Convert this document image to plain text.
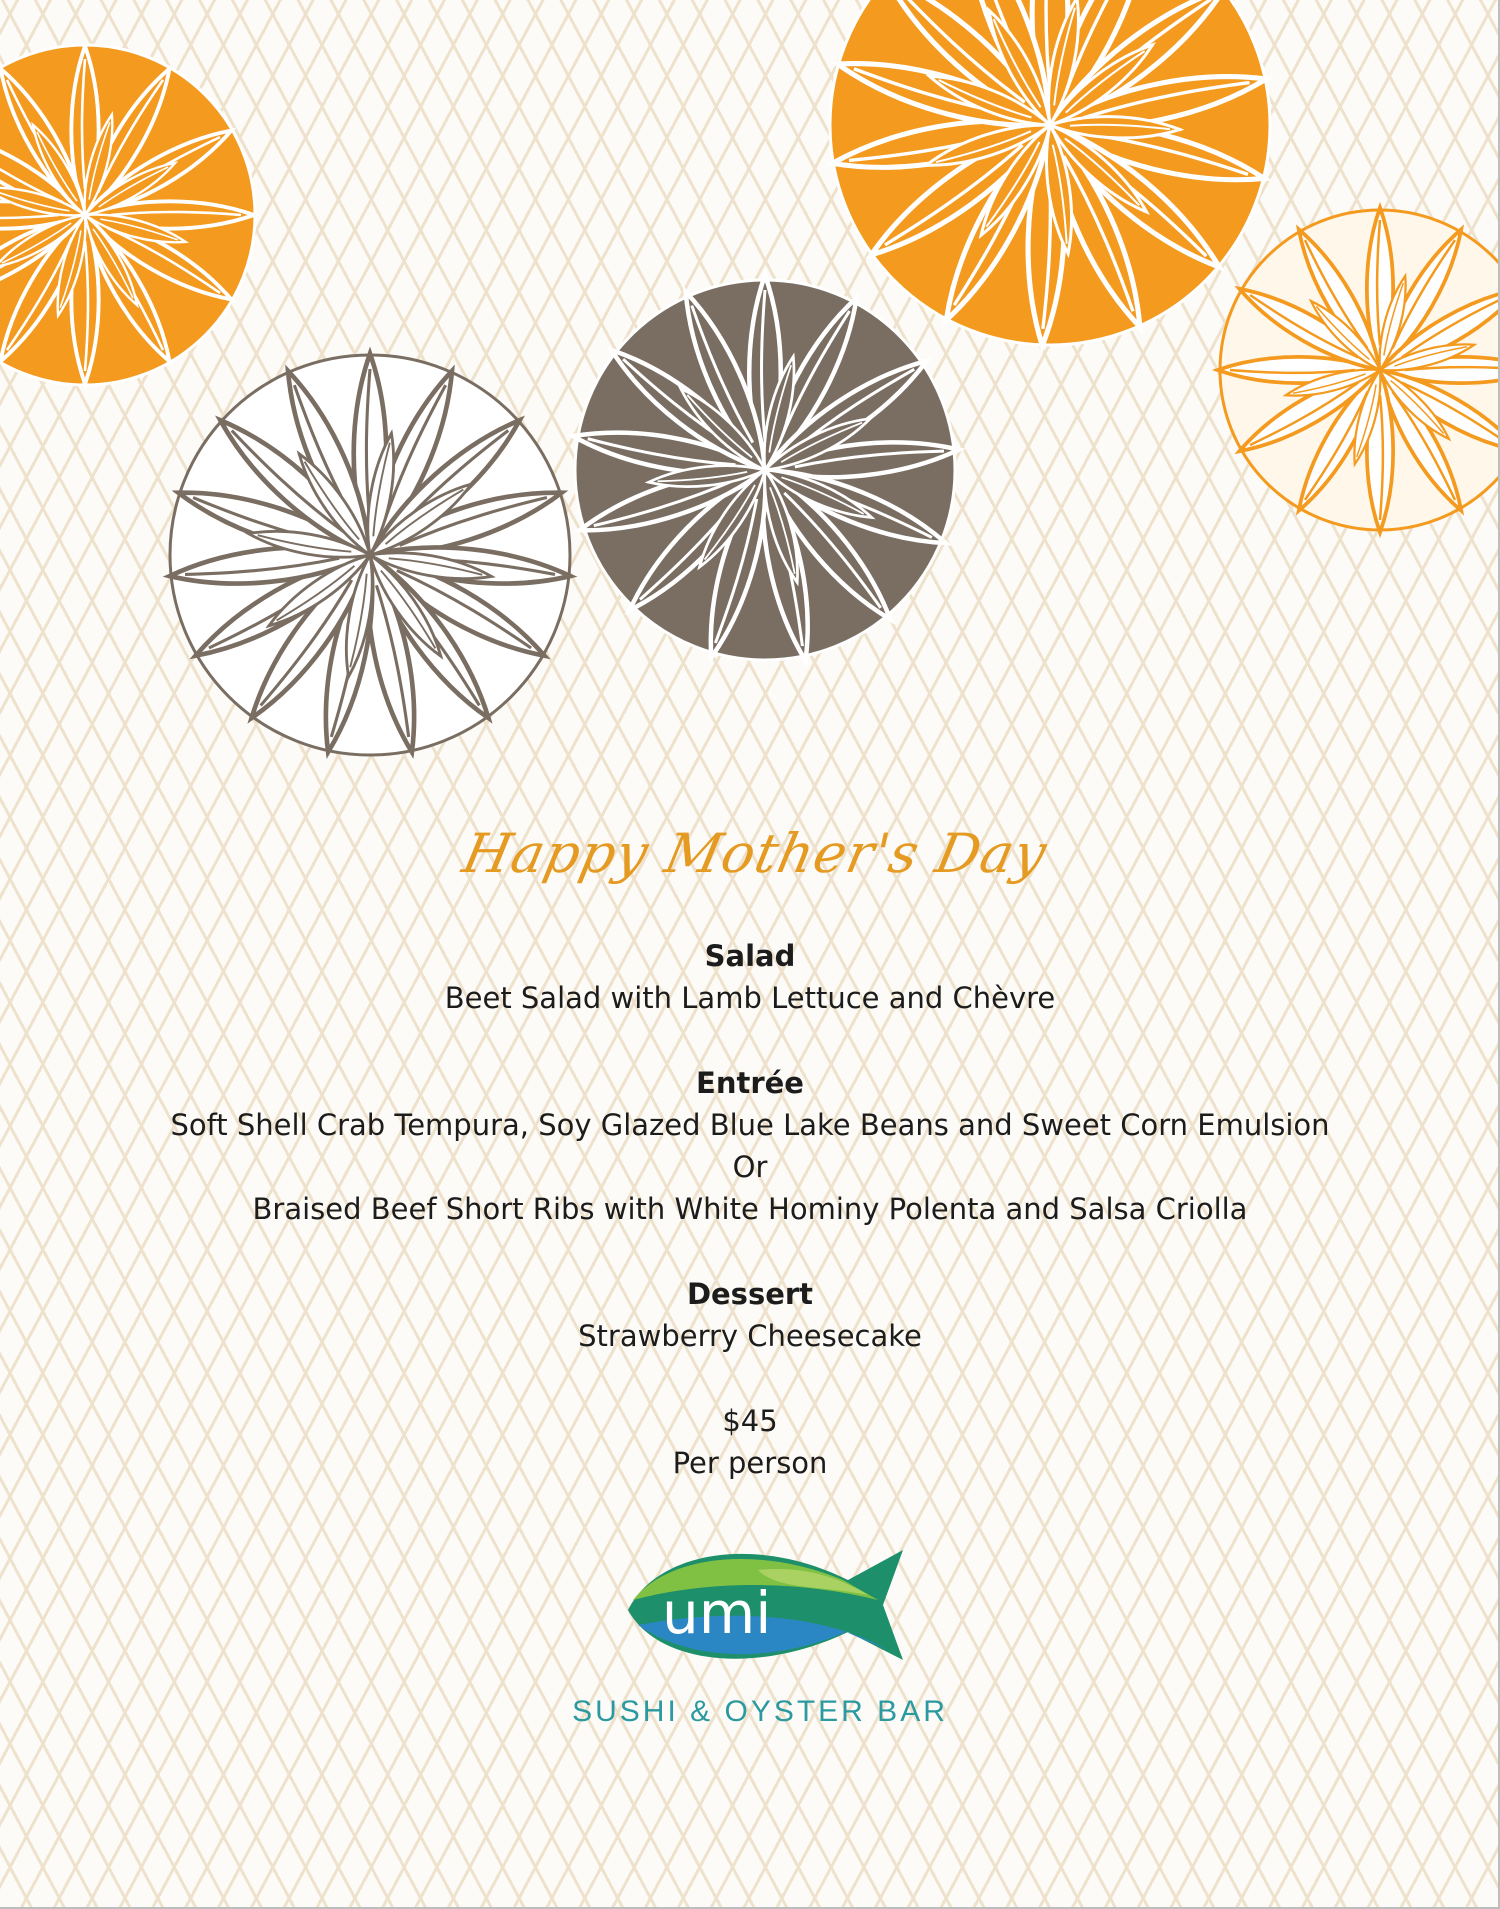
Happy Mother's Day

Salad

Beet Salad with Lamb Lettuce and Chèvre

Entrée

Soft Shell Crab Tempura, Soy Glazed Blue Lake Beans and Sweet Corn Emulsion

Or

Braised Beef Short Ribs with White Hominy Polenta and Salsa Criolla

Dessert

Strawberry Cheesecake

$45

Per person

umi
SUSHI & OYSTER BAR
